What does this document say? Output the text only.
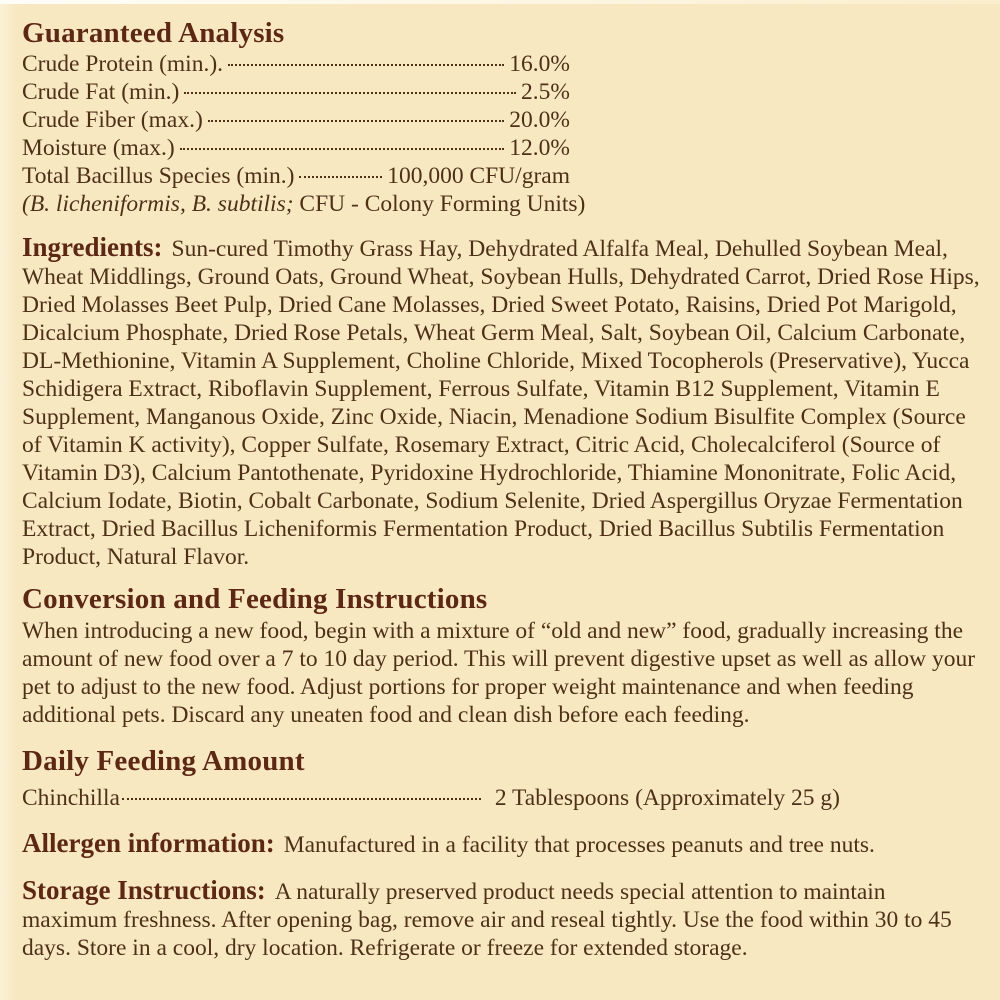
Guaranteed Analysis
Crude Protein (min.).	16.0%
Crude Fat (min.)	2.5%
Crude Fiber (max.)	20.0%
Moisture (max.)	12.0%
Total Bacillus Species (min.)	100,000 CFU/gram

(B. licheniformis, B. subtilis; CFU - Colony Forming Units)

Ingredients: Sun-cured Timothy Grass Hay, Dehydrated Alfalfa Meal, Dehulled Soybean Meal, Wheat Middlings, Ground Oats, Ground Wheat, Soybean Hulls, Dehydrated Carrot, Dried Rose Hips, Dried Molasses Beet Pulp, Dried Cane Molasses, Dried Sweet Potato, Raisins, Dried Pot Marigold, Dicalcium Phosphate, Dried Rose Petals, Wheat Germ Meal, Salt, Soybean Oil, Calcium Carbonate, DL-Methionine, Vitamin A Supplement, Choline Chloride, Mixed Tocopherols (Preservative), Yucca Schidigera Extract, Riboflavin Supplement, Ferrous Sulfate, Vitamin B12 Supplement, Vitamin E Supplement, Manganous Oxide, Zinc Oxide, Niacin, Menadione Sodium Bisulfite Complex (Source of Vitamin K activity), Copper Sulfate, Rosemary Extract, Citric Acid, Cholecalciferol (Source of Vitamin D3), Calcium Pantothenate, Pyridoxine Hydrochloride, Thiamine Mononitrate, Folic Acid, Calcium Iodate, Biotin, Cobalt Carbonate, Sodium Selenite, Dried Aspergillus Oryzae Fermentation Extract, Dried Bacillus Licheniformis Fermentation Product, Dried Bacillus Subtilis Fermentation Product, Natural Flavor.

Conversion and Feeding Instructions

When introducing a new food, begin with a mixture of “old and new” food, gradually increasing the amount of new food over a 7 to 10 day period. This will prevent digestive upset as well as allow your pet to adjust to the new food. Adjust portions for proper weight maintenance and when feeding additional pets. Discard any uneaten food and clean dish before each feeding.

Daily Feeding Amount
Chinchilla	2 Tablespoons (Approximately 25 g)

Allergen information: Manufactured in a facility that processes peanuts and tree nuts.

Storage Instructions: A naturally preserved product needs special attention to maintain maximum freshness. After opening bag, remove air and reseal tightly. Use the food within 30 to 45 days. Store in a cool, dry location. Refrigerate or freeze for extended storage.
